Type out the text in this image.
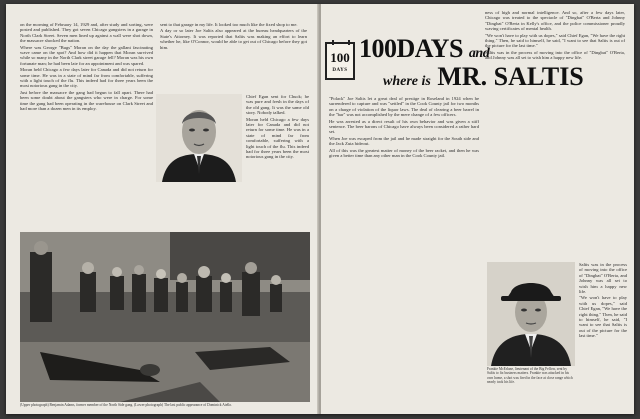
on the morning of February 14, 1929 and, after study and sorting, were posted and published. They got seven Chicago gangsters in a garage in North Clark Street. Seven men lined up against a wall were shot down, the massacre shocked the nation.

Where was George "Bugs" Moran on the day the gallant fascinating wave came on the spot? And how did it happen that Moran survived while so many in the North Clark street garage fell? Moran was his own fortunate man; he had been late for an appointment and was spared.

Moran held Chicago a few days later for Canada and did not return for some time. He was in a state of mind far from comfortable, suffering with a light touch of the flu. This indeed had for three years been the most notorious gang in the city.

Just before the massacre the gang had begun to fall apart. There had been some doubt about the gangsters who were in charge. For some time the gang had been operating in the warehouse on Clark Street and had more than a dozen men in its employ.

sent to that garage in my life. It looked too much like the fixed shop to me.

A day or so later Joe Saltis also appeared at the bureau headquarters of the State's Attorney. It was reported that Saltis was making an effort to learn whether he, like O'Connor, would be able to get out of Chicago before they got him.

Chief Egan sent for Chuck; he was pure and fresh in the days of the old gang. It was the same old story. Nobody talked.

Moran held Chicago a few days later for Canada and did not return for some time. He was in a state of mind far from comfortable, suffering with a light touch of the flu. This indeed had for three years been the most notorious gang in the city.

(Upper photograph) Benjamin Adams, former member of the North Side gang. (Lower photograph) The last public appearance of Dominick Aiello.
100
DAYS
100DAYS and
where is MR. SALTIS

"Polack" Joe Saltis let a great deal of prestige in Roseland in 1924 when he surrendered to capture and was "settled" in the Cook County jail for two months on a charge of violation of the liquor laws. The deal of clearing a beer barrel in the "bar" was not accomplished by the mere change of a few officers.

He was arrested as a direct result of his own behavior and was given a stiff sentence. The beer barons of Chicago have always been considered a rather hard set.

When Joe was escaped from the jail and he made straight for the South side and the Jack Zuta hideout.

All of this was the greatest matter of money of the beer racket, and then he was given a better time than any other man in the Cook County jail.

ness of high and normal intelligence. And so, after a few days later, Chicago was treated to the spectacle of "Dingbat" O'Berta and Johnny "Dingbat" O'Berta in Kelly's office, and the police commissioner proudly waving certificates of mental health.

"We won't have to play with us dopes," said Chief Egan, "We have the right thing." Then, he said to himself, he said, "I want to see that Saltis is out of the picture for the last time."

Saltis was in the process of moving into the office of "Dingbat" O'Berta, and Johnny was all set to wish him a happy new life.

Frankie McErlane, lieutenant of the Big Fellow, sent by Saltis to fix business matters. Frankie was attacked in his own home, a shot was fired in the face at close range which nearly took his life.

Saltis was in the process of moving into the office of "Dingbat" O'Berta, and Johnny was all set to wish him a happy new life.

"We won't have to play with us dopes," said Chief Egan, "We have the right thing." Then, he said to himself, he said, "I want to see that Saltis is out of the picture for the last time."
